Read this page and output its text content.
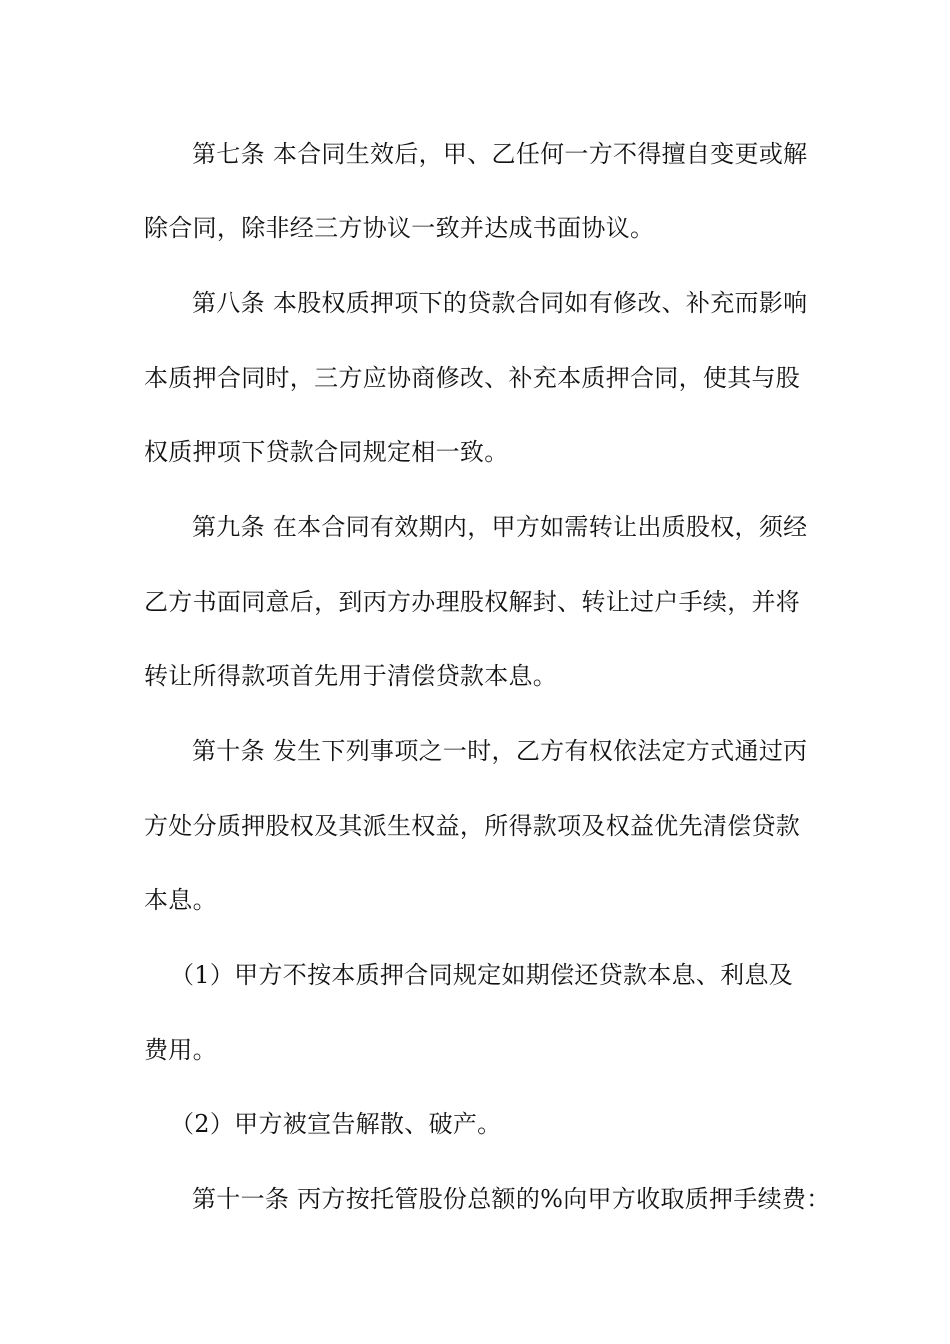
第七条 本合同生效后，甲、乙任何一方不得擅自变更或解
除合同，除非经三方协议一致并达成书面协议。
第八条 本股权质押项下的贷款合同如有修改、补充而影响
本质押合同时，三方应协商修改、补充本质押合同，使其与股
权质押项下贷款合同规定相一致。
第九条 在本合同有效期内，甲方如需转让出质股权，须经
乙方书面同意后，到丙方办理股权解封、转让过户手续，并将
转让所得款项首先用于清偿贷款本息。
第十条 发生下列事项之一时，乙方有权依法定方式通过丙
方处分质押股权及其派生权益，所得款项及权益优先清偿贷款
本息。
（1）甲方不按本质押合同规定如期偿还贷款本息、利息及
费用。
（2）甲方被宣告解散、破产。
第十一条 丙方按托管股份总额的%向甲方收取质押手续费：
